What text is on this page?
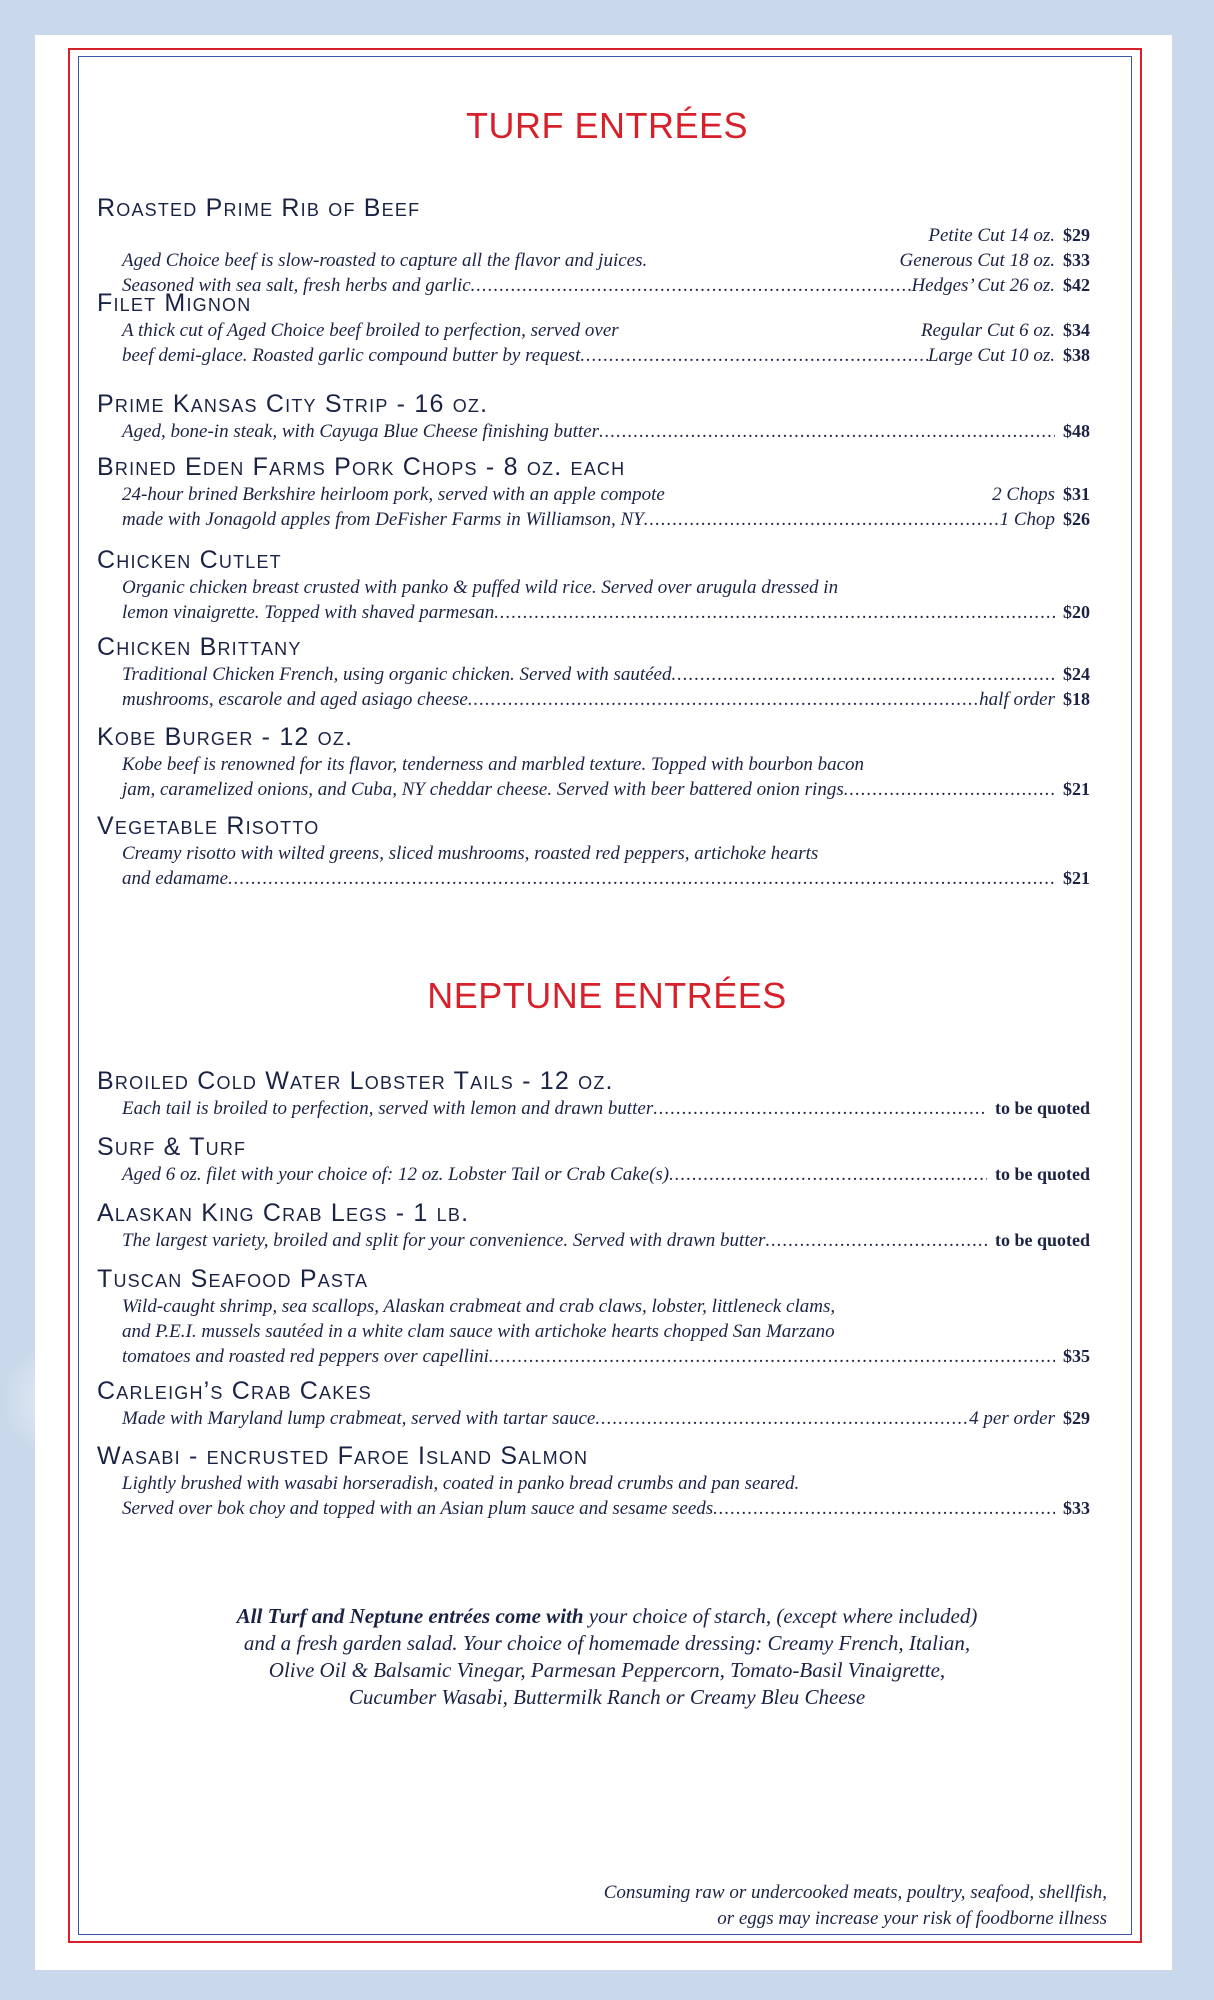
TURF ENTRÉES
Roasted Prime Rib of Beef
Petite Cut 14 oz. $29
Aged Choice beef is slow-roasted to capture all the flavor and juices.	Generous Cut 18 oz. $33
Seasoned with sea salt, fresh herbs and garlic .....	Hedges’ Cut 26 oz. $42
Filet Mignon
A thick cut of Aged Choice beef broiled to perfection, served over	Regular Cut 6 oz. $34
beef demi-glace. Roasted garlic compound butter by request .....	Large Cut 10 oz. $38
Prime Kansas City Strip - 16 oz.
Aged, bone-in steak, with Cayuga Blue Cheese finishing butter .....	$48
Brined Eden Farms Pork Chops - 8 oz. each
24-hour brined Berkshire heirloom pork, served with an apple compote	2 Chops $31
made with Jonagold apples from DeFisher Farms in Williamson, NY .....	1 Chop $26
Chicken Cutlet
Organic chicken breast crusted with panko & puffed wild rice. Served over arugula dressed in
lemon vinaigrette. Topped with shaved parmesan .....	$20
Chicken Brittany
Traditional Chicken French, using organic chicken. Served with sautéed .....	$24
mushrooms, escarole and aged asiago cheese .....	half order $18
Kobe Burger - 12 oz.
Kobe beef is renowned for its flavor, tenderness and marbled texture. Topped with bourbon bacon
jam, caramelized onions, and Cuba, NY cheddar cheese. Served with beer battered onion rings .....	$21
Vegetable Risotto
Creamy risotto with wilted greens, sliced mushrooms, roasted red peppers, artichoke hearts
and edamame .....	$21
NEPTUNE ENTRÉES
Broiled Cold Water Lobster Tails - 12 oz.
Each tail is broiled to perfection, served with lemon and drawn butter .....	to be quoted
Surf & Turf
Aged 6 oz. filet with your choice of: 12 oz. Lobster Tail or Crab Cake(s) .....	to be quoted
Alaskan King Crab Legs - 1 lb.
The largest variety, broiled and split for your convenience. Served with drawn butter .....	to be quoted
Tuscan Seafood Pasta
Wild-caught shrimp, sea scallops, Alaskan crabmeat and crab claws, lobster, littleneck clams,
and P.E.I. mussels sautéed in a white clam sauce with artichoke hearts chopped San Marzano
tomatoes and roasted red peppers over capellini .....	$35
Carleigh’s Crab Cakes
Made with Maryland lump crabmeat, served with tartar sauce .....	4 per order $29
Wasabi - encrusted Faroe Island Salmon
Lightly brushed with wasabi horseradish, coated in panko bread crumbs and pan seared.
Served over bok choy and topped with an Asian plum sauce and sesame seeds .....	$33
All Turf and Neptune entrées come with your choice of starch, (except where included)
and a fresh garden salad. Your choice of homemade dressing: Creamy French, Italian,
Olive Oil & Balsamic Vinegar, Parmesan Peppercorn, Tomato-Basil Vinaigrette,
Cucumber Wasabi, Buttermilk Ranch or Creamy Bleu Cheese
Consuming raw or undercooked meats, poultry, seafood, shellfish,
or eggs may increase your risk of foodborne illness
